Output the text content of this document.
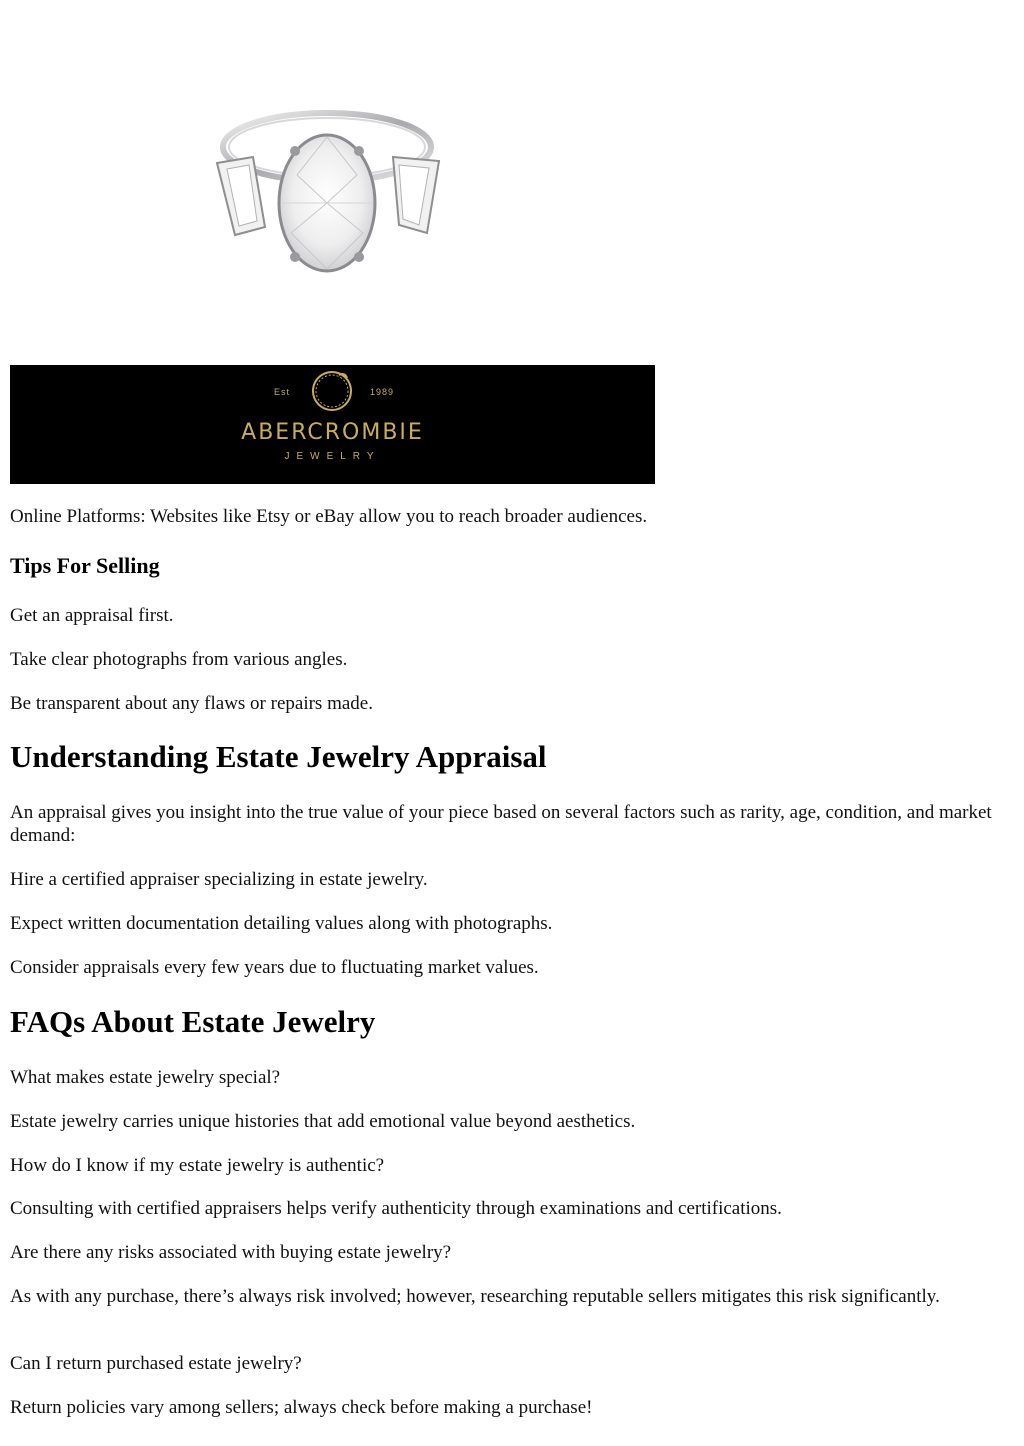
Est	1989
ABERCROMBIE
JEWELRY

Online Platforms: Websites like Etsy or eBay allow you to reach broader audiences.

Tips For Selling

Get an appraisal first.

Take clear photographs from various angles.

Be transparent about any flaws or repairs made.

Understanding Estate Jewelry Appraisal

An appraisal gives you insight into the true value of your piece based on several factors such as rarity, age, condition, and market demand:

Hire a certified appraiser specializing in estate jewelry.

Expect written documentation detailing values along with photographs.

Consider appraisals every few years due to fluctuating market values.

FAQs About Estate Jewelry

What makes estate jewelry special?

Estate jewelry carries unique histories that add emotional value beyond aesthetics.

How do I know if my estate jewelry is authentic?

Consulting with certified appraisers helps verify authenticity through examinations and certifications.

Are there any risks associated with buying estate jewelry?

As with any purchase, there’s always risk involved; however, researching reputable sellers mitigates this risk significantly.

Can I return purchased estate jewelry?

Return policies vary among sellers; always check before making a purchase!
